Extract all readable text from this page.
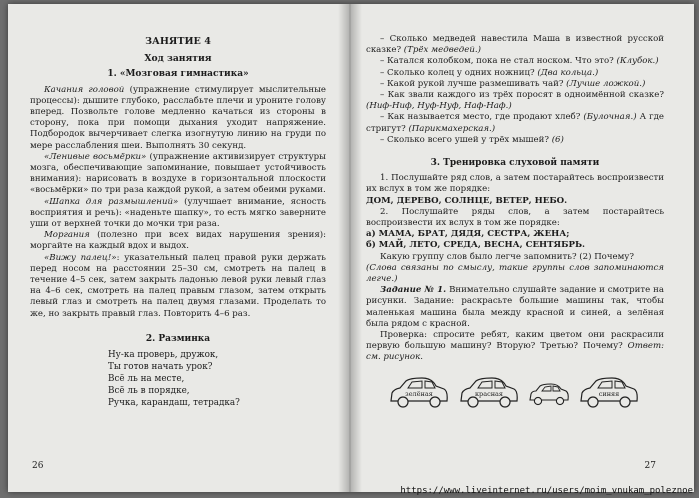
ЗАНЯТИЕ 4
Ход занятия
1. «Мозговая гимнастика»

Качания головой (упражнение стимулирует мыслительные процессы): дышите глубоко, расслабьте плечи и уроните голову вперед. Позвольте голове медленно качаться из стороны в сторону, пока при помощи дыхания уходит напряжение. Подбородок вычерчивает слегка изогнутую линию на груди по мере расслабления шеи. Выполнять 30 секунд.

«Ленивые восьмёрки» (упражнение активизирует структуры мозга, обеспечивающие запоминание, повышает устойчивость внимания): нарисовать в воздухе в горизонтальной плоскости «восьмёрки» по три раза каждой рукой, а затем обеими руками.

«Шапка для размышлений» (улучшает внимание, ясность восприятия и речь): «наденьте шапку», то есть мягко заверните уши от верхней точки до мочки три раза.

Моргания (полезно при всех видах нарушения зрения): моргайте на каждый вдох и выдох.

«Вижу палец!»: указательный палец правой руки держать перед носом на расстоянии 25–30 см, смотреть на палец в течение 4–5 сек, затем закрыть ладонью левой руки левый глаз на 4–6 сек, смотреть на палец правым глазом, затем открыть левый глаз и смотреть на палец двумя глазами. Проделать то же, но закрыть правый глаз. Повторить 4–6 раз.

2. Разминка
Ну-ка проверь, дружок,
Ты готов начать урок?
Всё ль на месте,
Всё ль в порядке,
Ручка, карандаш, тетрадка?
26

– Сколько медведей навестила Маша в известной русской сказке? (Трёх медведей.)

– Катался колобком, пока не стал носком. Что это? (Клубок.)

– Сколько колец у одних ножниц? (Два кольца.)

– Какой рукой лучше размешивать чай? (Лучше ложкой.)

– Как звали каждого из трёх поросят в одноимённой сказке? (Ниф-Ниф, Нуф-Нуф, Наф-Наф.)

– Как называется место, где продают хлеб? (Булочная.) А где стригут? (Парикмахерская.)

– Сколько всего ушей у трёх мышей? (6)

3. Тренировка слуховой памяти

1. Послушайте ряд слов, а затем постарайтесь воспроизвести их вслух в том же порядке:

ДОМ, ДЕРЕВО, СОЛНЦЕ, ВЕТЕР, НЕБО.

2. Послушайте ряды слов, а затем постарайтесь воспроизвести их вслух в том же порядке:

а) МАМА, БРАТ, ДЯДЯ, СЕСТРА, ЖЕНА;

б) МАЙ, ЛЕТО, СРЕДА, ВЕСНА, СЕНТЯБРЬ.

Какую группу слов было легче запомнить? (2) Почему?

(Слова связаны по смыслу, такие группы слов запоминаются легче.)

Задание № 1. Внимательно слушайте задание и смотрите на рисунки. Задание: раскрасьте большие машины так, чтобы маленькая машина была между красной и синей, а зелёная была рядом с красной.

Проверка: спросите ребят, каким цветом они раскрасили первую большую машину? Вторую? Третью? Почему? Ответ: см. рисунок.

зелёная	красная	синяя
27
https://www.liveinternet.ru/users/moim_vnukam_poleznoe
